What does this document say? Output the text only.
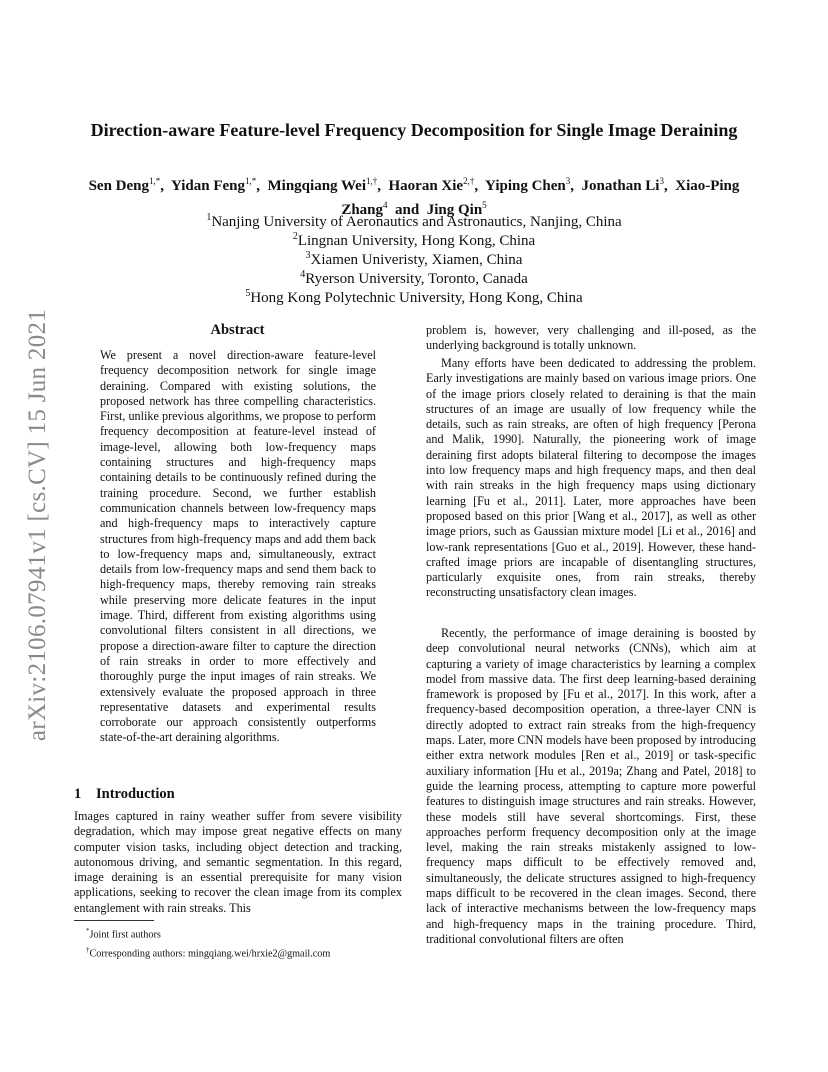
arXiv:2106.07941v1 [cs.CV] 15 Jun 2021
Direction-aware Feature-level Frequency Decomposition for Single Image Deraining
Sen Deng$^{1,*}$,  Yidan Feng$^{1,*}$,  Mingqiang Wei$^{1,\dagger}$,  Haoran Xie$^{2,\dagger}$,  Yiping Chen$^3$,  Jonathan Li$^3$,  Xiao-Ping Zhang$^4$  and  Jing Qin$^5$
$^1$Nanjing University of Aeronautics and Astronautics, Nanjing, China
$^2$Lingnan University, Hong Kong, China
$^3$Xiamen Univeristy, Xiamen, China
$^4$Ryerson University, Toronto, Canada
$^5$Hong Kong Polytechnic University, Hong Kong, China
Abstract
We present a novel direction-aware feature-level frequency decomposition network for single image deraining. Compared with existing solutions, the proposed network has three compelling characteristics. First, unlike previous algorithms, we propose to perform frequency decomposition at feature-level instead of image-level, allowing both low-frequency maps containing structures and high-frequency maps containing details to be continuously refined during the training procedure. Second, we further establish communication channels between low-frequency maps and high-frequency maps to interactively capture structures from high-frequency maps and add them back to low-frequency maps and, simultaneously, extract details from low-frequency maps and send them back to high-frequency maps, thereby removing rain streaks while preserving more delicate features in the input image. Third, different from existing algorithms using convolutional filters consistent in all directions, we propose a direction-aware filter to capture the direction of rain streaks in order to more effectively and thoroughly purge the input images of rain streaks. We extensively evaluate the proposed approach in three representative datasets and experimental results corroborate our approach consistently outperforms state-of-the-art deraining algorithms.
1 Introduction
Images captured in rainy weather suffer from severe visibility degradation, which may impose great negative effects on many computer vision tasks, including object detection and tracking, autonomous driving, and semantic segmentation. In this regard, image deraining is an essential prerequisite for many vision applications, seeking to recover the clean image from its complex entanglement with rain streaks. This
*Joint first authors
†Corresponding authors: mingqiang.wei/hrxie2@gmail.com

problem is, however, very challenging and ill-posed, as the underlying background is totally unknown.

Many efforts have been dedicated to addressing the problem. Early investigations are mainly based on various image priors. One of the image priors closely related to deraining is that the main structures of an image are usually of low frequency while the details, such as rain streaks, are often of high frequency [Perona and Malik, 1990]. Naturally, the pioneering work of image deraining first adopts bilateral filtering to decompose the images into low frequency maps and high frequency maps, and then deal with rain streaks in the high frequency maps using dictionary learning [Fu et al., 2011]. Later, more approaches have been proposed based on this prior [Wang et al., 2017], as well as other image priors, such as Gaussian mixture model [Li et al., 2016] and low-rank representations [Guo et al., 2019]. However, these hand-crafted image priors are incapable of disentangling structures, particularly exquisite ones, from rain streaks, thereby reconstructing unsatisfactory clean images.

Recently, the performance of image deraining is boosted by deep convolutional neural networks (CNNs), which aim at capturing a variety of image characteristics by learning a complex model from massive data. The first deep learning-based deraining framework is proposed by [Fu et al., 2017]. In this work, after a frequency-based decomposition operation, a three-layer CNN is directly adopted to extract rain streaks from the high-frequency maps. Later, more CNN models have been proposed by introducing either extra network modules [Ren et al., 2019] or task-specific auxiliary information [Hu et al., 2019a; Zhang and Patel, 2018] to guide the learning process, attempting to capture more powerful features to distinguish image structures and rain streaks. However, these models still have several shortcomings. First, these approaches perform frequency decomposition only at the image level, making the rain streaks mistakenly assigned to low-frequency maps difficult to be effectively removed and, simultaneously, the delicate structures assigned to high-frequency maps difficult to be recovered in the clean images. Second, there lack of interactive mechanisms between the low-frequency maps and high-frequency maps in the training procedure. Third, traditional convolutional filters are often
